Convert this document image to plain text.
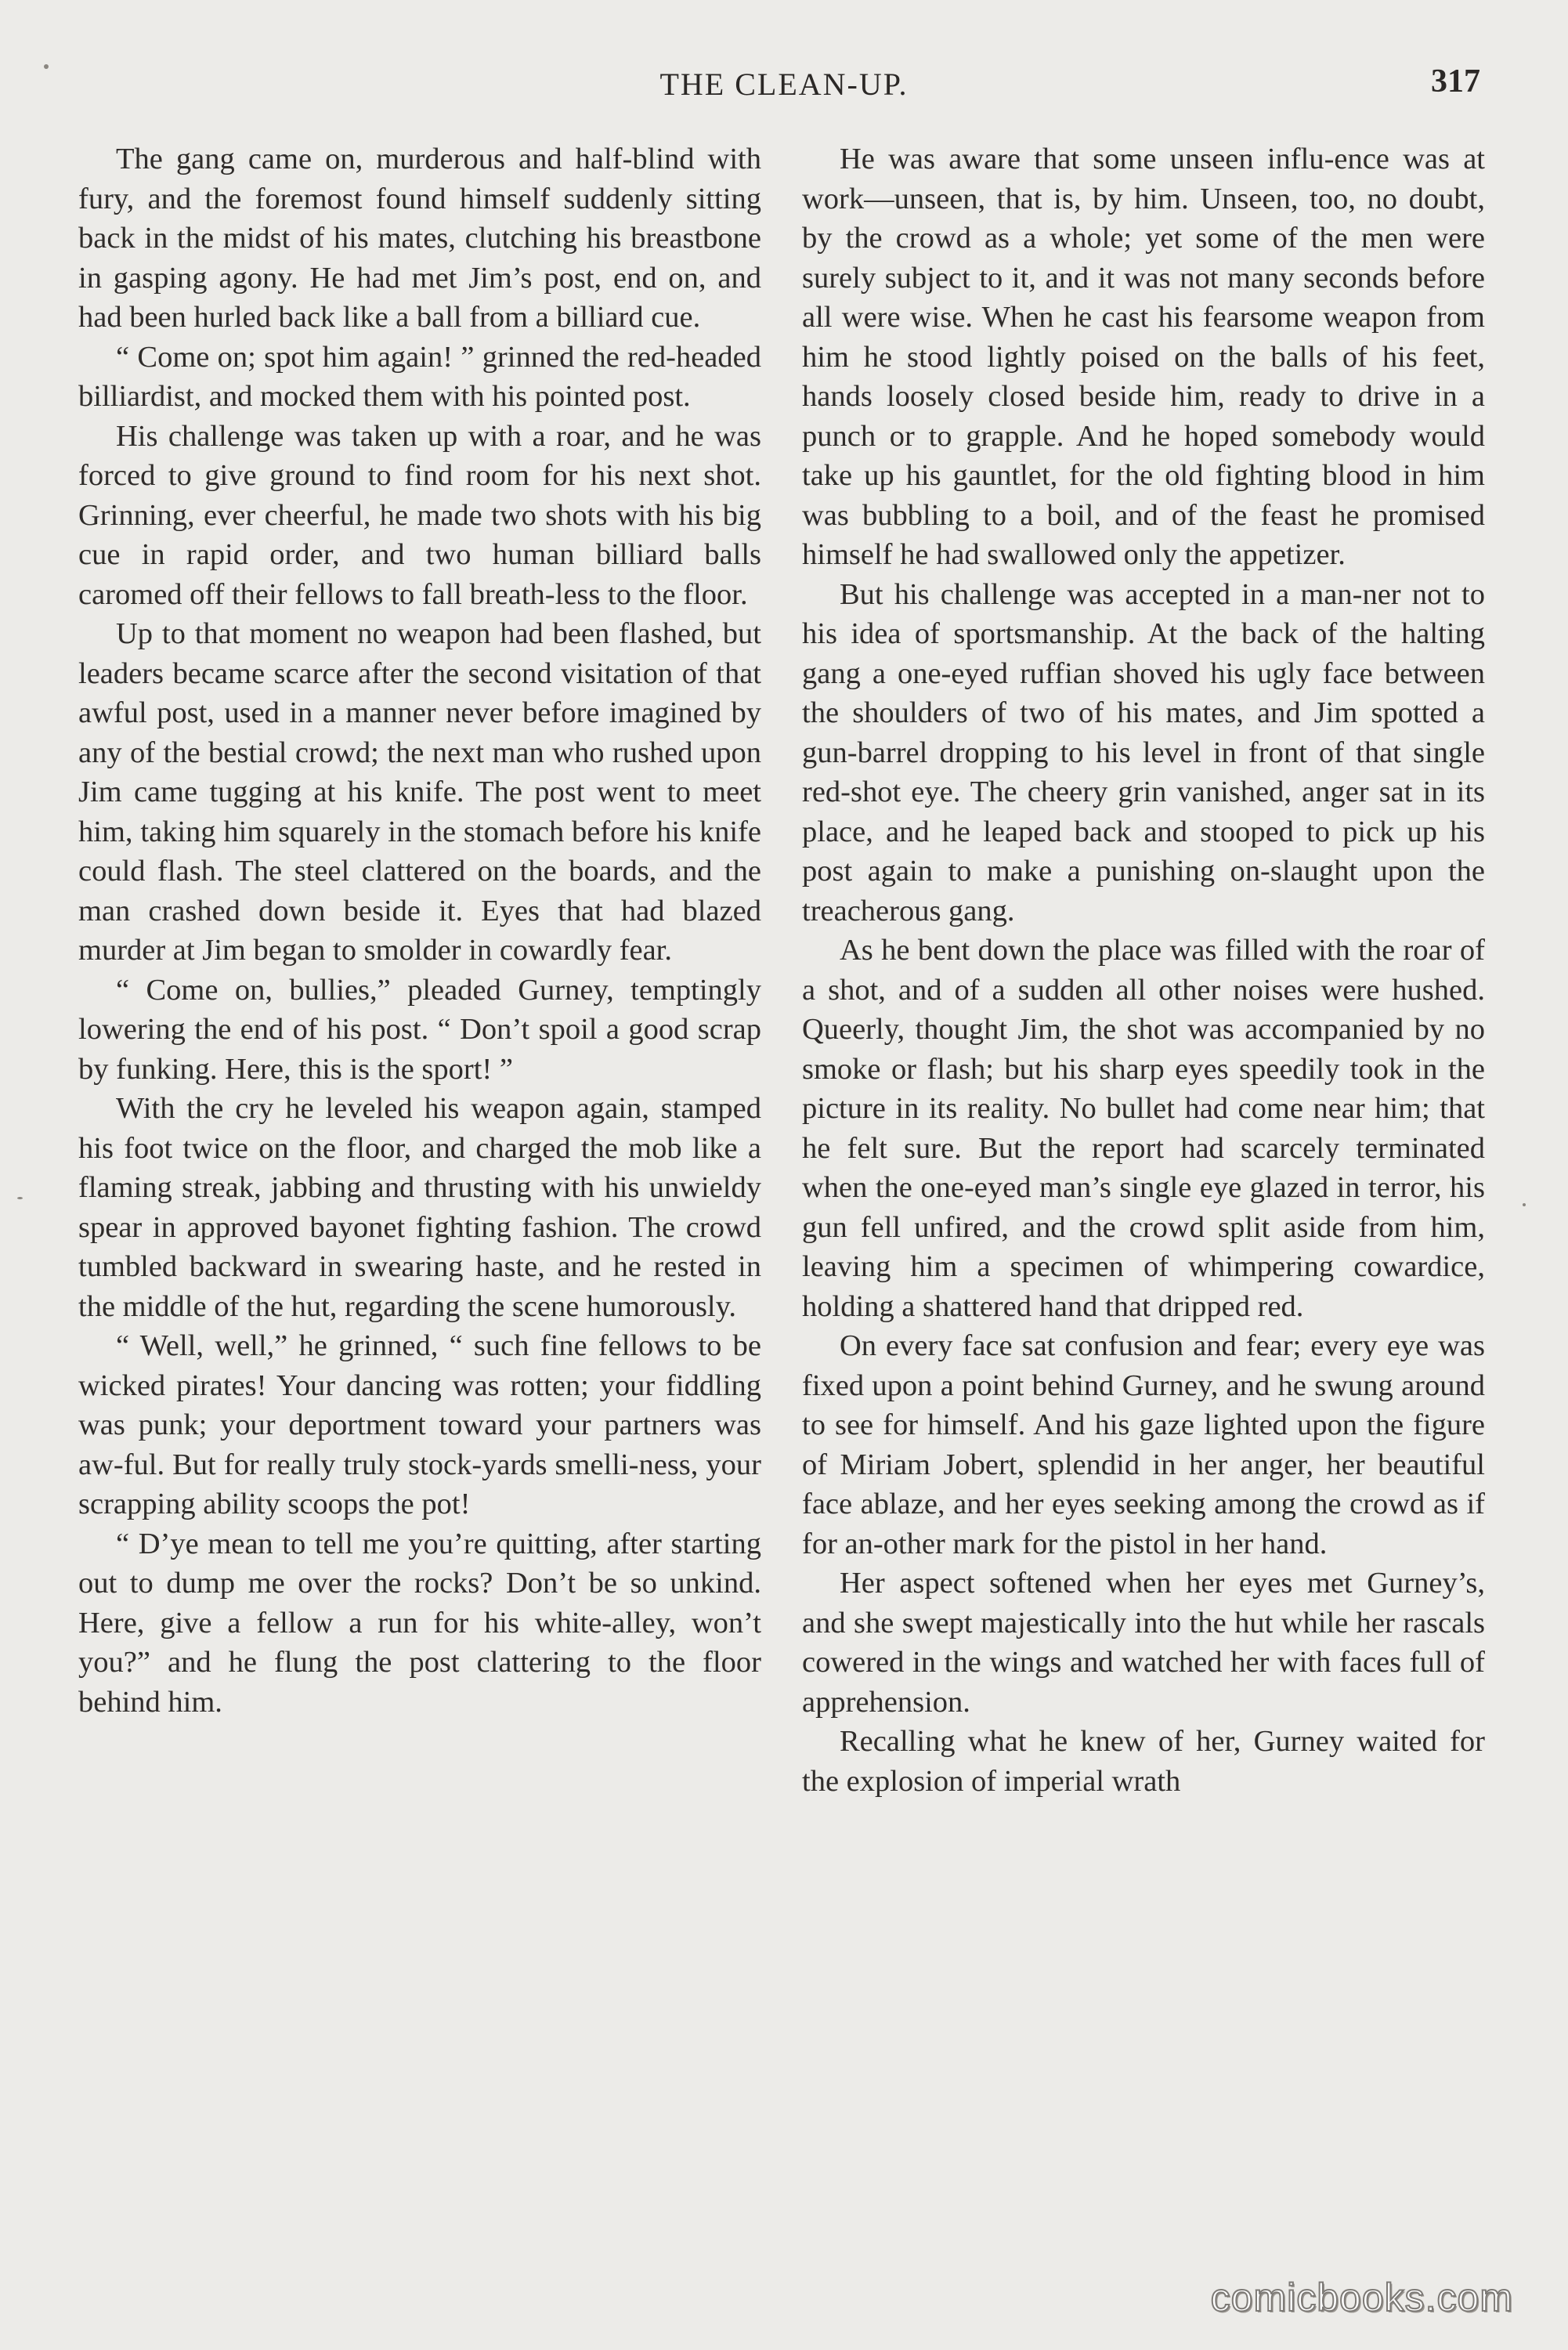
THE CLEAN-UP.	317

The gang came on, murderous and half-blind with fury, and the foremost found himself suddenly sitting back in the midst of his mates, clutching his breastbone in gasping agony. He had met Jim’s post, end on, and had been hurled back like a ball from a billiard cue.

“ Come on; spot him again! ” grinned the red-headed billiardist, and mocked them with his pointed post.

His challenge was taken up with a roar, and he was forced to give ground to find room for his next shot. Grinning, ever cheerful, he made two shots with his big cue in rapid order, and two human billiard balls caromed off their fellows to fall breath-less to the floor.

Up to that moment no weapon had been flashed, but leaders became scarce after the second visitation of that awful post, used in a manner never before imagined by any of the bestial crowd; the next man who rushed upon Jim came tugging at his knife. The post went to meet him, taking him squarely in the stomach before his knife could flash. The steel clattered on the boards, and the man crashed down beside it. Eyes that had blazed murder at Jim began to smolder in cowardly fear.

“ Come on, bullies,” pleaded Gurney, temptingly lowering the end of his post. “ Don’t spoil a good scrap by funking. Here, this is the sport! ”

With the cry he leveled his weapon again, stamped his foot twice on the floor, and charged the mob like a flaming streak, jabbing and thrusting with his unwieldy spear in approved bayonet fighting fashion. The crowd tumbled backward in swearing haste, and he rested in the middle of the hut, regarding the scene humorously.

“ Well, well,” he grinned, “ such fine fellows to be wicked pirates! Your dancing was rotten; your fiddling was punk; your deportment toward your partners was aw-ful. But for really truly stock-yards smelli-ness, your scrapping ability scoops the pot!

“ D’ye mean to tell me you’re quitting, after starting out to dump me over the rocks? Don’t be so unkind. Here, give a fellow a run for his white-alley, won’t you?” and he flung the post clattering to the floor behind him.

He was aware that some unseen influ-ence was at work—unseen, that is, by him. Unseen, too, no doubt, by the crowd as a whole; yet some of the men were surely subject to it, and it was not many seconds before all were wise. When he cast his fearsome weapon from him he stood lightly poised on the balls of his feet, hands loosely closed beside him, ready to drive in a punch or to grapple. And he hoped somebody would take up his gauntlet, for the old fighting blood in him was bubbling to a boil, and of the feast he promised himself he had swallowed only the appetizer.

But his challenge was accepted in a man-ner not to his idea of sportsmanship. At the back of the halting gang a one-eyed ruffian shoved his ugly face between the shoulders of two of his mates, and Jim spotted a gun-barrel dropping to his level in front of that single red-shot eye. The cheery grin vanished, anger sat in its place, and he leaped back and stooped to pick up his post again to make a punishing on-slaught upon the treacherous gang.

As he bent down the place was filled with the roar of a shot, and of a sudden all other noises were hushed. Queerly, thought Jim, the shot was accompanied by no smoke or flash; but his sharp eyes speedily took in the picture in its reality. No bullet had come near him; that he felt sure. But the report had scarcely terminated when the one-eyed man’s single eye glazed in terror, his gun fell unfired, and the crowd split aside from him, leaving him a specimen of whimpering cowardice, holding a shattered hand that dripped red.

On every face sat confusion and fear; every eye was fixed upon a point behind Gurney, and he swung around to see for himself. And his gaze lighted upon the figure of Miriam Jobert, splendid in her anger, her beautiful face ablaze, and her eyes seeking among the crowd as if for an-other mark for the pistol in her hand.

Her aspect softened when her eyes met Gurney’s, and she swept majestically into the hut while her rascals cowered in the wings and watched her with faces full of apprehension.

Recalling what he knew of her, Gurney waited for the explosion of imperial wrath

comicbooks.com
